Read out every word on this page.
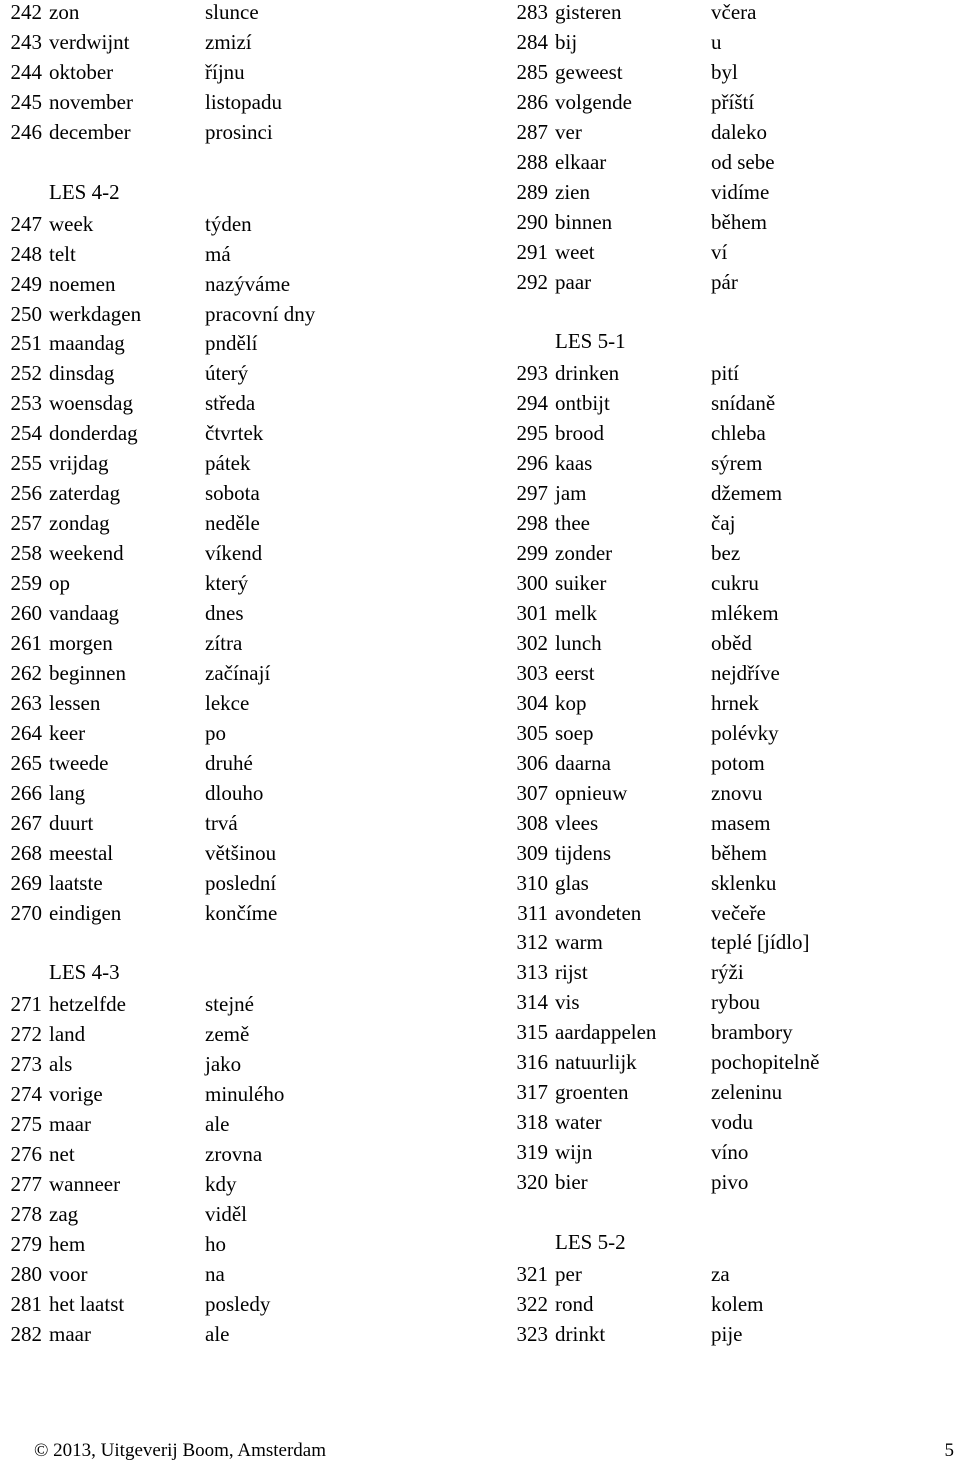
242 zon	slunce
243 verdwijnt	zmizí
244 oktober	říjnu
245 november	listopadu
246 december	prosinci
LES 4-2
247 week	týden
248 telt	má
249 noemen	nazýváme
250 werkdagen	pracovní dny
251 maandag	pndělí
252 dinsdag	úterý
253 woensdag	středa
254 donderdag	čtvrtek
255 vrijdag	pátek
256 zaterdag	sobota
257 zondag	neděle
258 weekend	víkend
259 op	který
260 vandaag	dnes
261 morgen	zítra
262 beginnen	začínají
263 lessen	lekce
264 keer	po
265 tweede	druhé
266 lang	dlouho
267 duurt	trvá
268 meestal	většinou
269 laatste	poslední
270 eindigen	končíme
LES 4-3
271 hetzelfde	stejné
272 land	země
273 als	jako
274 vorige	minulého
275 maar	ale
276 net	zrovna
277 wanneer	kdy
278 zag	viděl
279 hem	ho
280 voor	na
281 het laatst	posledy
282 maar	ale
283 gisteren	včera
284 bij	u
285 geweest	byl
286 volgende	příští
287 ver	daleko
288 elkaar	od sebe
289 zien	vidíme
290 binnen	během
291 weet	ví
292 paar	pár
LES 5-1
293 drinken	pití
294 ontbijt	snídaně
295 brood	chleba
296 kaas	sýrem
297 jam	džemem
298 thee	čaj
299 zonder	bez
300 suiker	cukru
301 melk	mlékem
302 lunch	oběd
303 eerst	nejdříve
304 kop	hrnek
305 soep	polévky
306 daarna	potom
307 opnieuw	znovu
308 vlees	masem
309 tijdens	během
310 glas	sklenku
311 avondeten	večeře
312 warm	teplé [jídlo]
313 rijst	rýži
314 vis	rybou
315 aardappelen	brambory
316 natuurlijk	pochopitelně
317 groenten	zeleninu
318 water	vodu
319 wijn	víno
320 bier	pivo
LES 5-2
321 per	za
322 rond	kolem
323 drinkt	pije
© 2013, Uitgeverij Boom, Amsterdam	5
